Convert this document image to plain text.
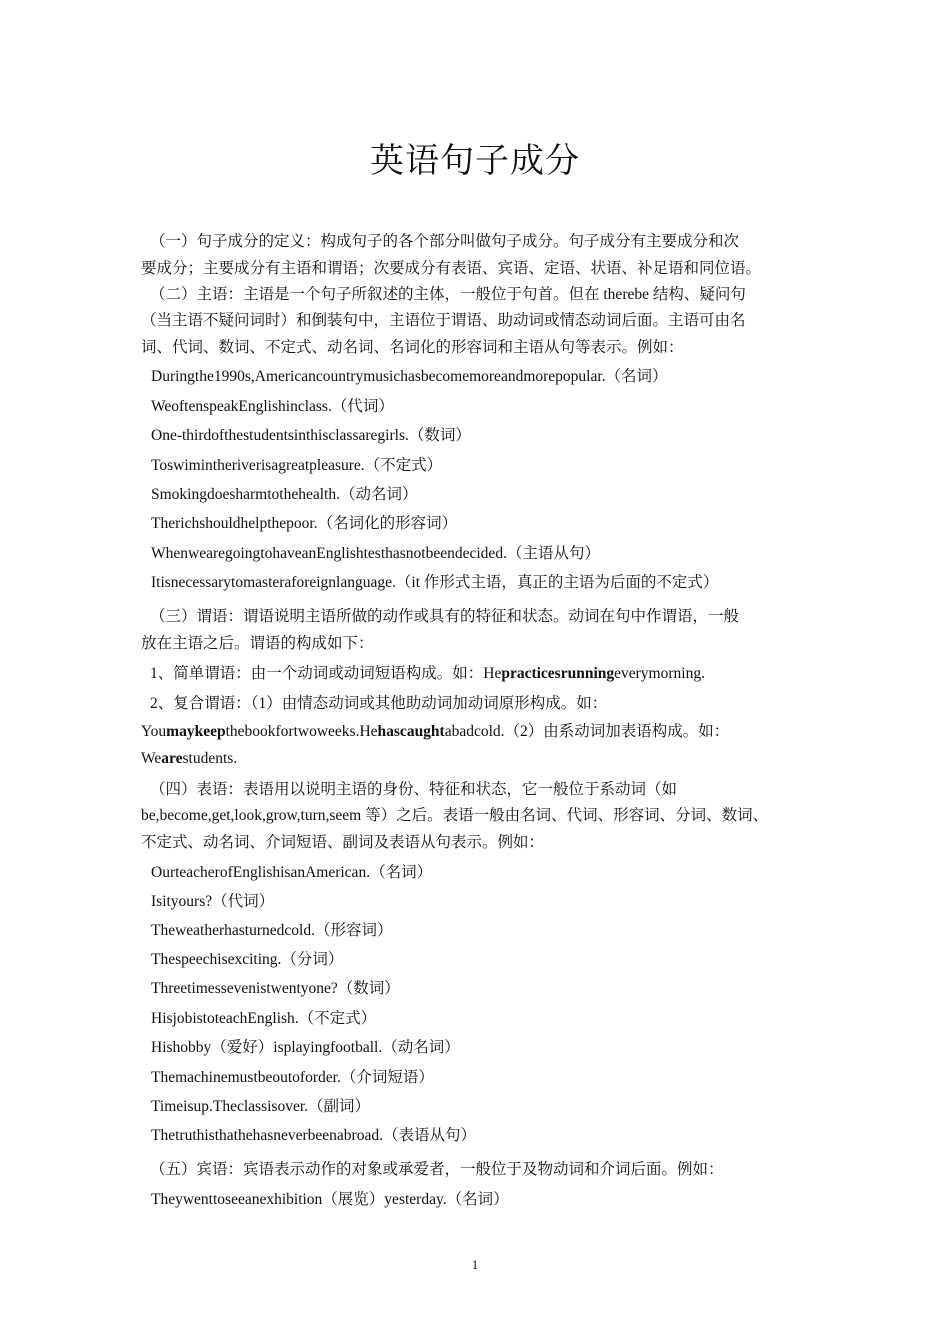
英语句子成分
（一）句子成分的定义：构成句子的各个部分叫做句子成分。句子成分有主要成分和次
要成分；主要成分有主语和谓语；次要成分有表语、宾语、定语、状语、补足语和同位语。
（二）主语：主语是一个句子所叙述的主体，一般位于句首。但在 therebe 结构、疑问句
（当主语不疑问词时）和倒装句中，主语位于谓语、助动词或情态动词后面。主语可由名
词、代词、数词、不定式、动名词、名词化的形容词和主语从句等表示。例如：
Duringthe1990s,Americancountrymusichasbecomemoreandmorepopular.（名词）
WeoftenspeakEnglishinclass.（代词）
One-thirdofthestudentsinthisclassaregirls.（数词）
Toswimintheriverisagreatpleasure.（不定式）
Smokingdoesharmtothehealth.（动名词）
Therichshouldhelpthepoor.（名词化的形容词）
WhenwearegoingtohaveanEnglishtesthasnotbeendecided.（主语从句）
Itisnecessarytomasteraforeignlanguage.（it 作形式主语，真正的主语为后面的不定式）
（三）谓语：谓语说明主语所做的动作或具有的特征和状态。动词在句中作谓语，一般
放在主语之后。谓语的构成如下：
1、简单谓语：由一个动词或动词短语构成。如：Hepracticesrunningeverymorning.
2、复合谓语：（1）由情态动词或其他助动词加动词原形构成。如：
Youmaykeepthebookfortwoweeks.Hehascaughtabadcold.（2）由系动词加表语构成。如：
Wearestudents.
（四）表语：表语用以说明主语的身份、特征和状态，它一般位于系动词（如
be,become,get,look,grow,turn,seem 等）之后。表语一般由名词、代词、形容词、分词、数词、
不定式、动名词、介词短语、副词及表语从句表示。例如：
OurteacherofEnglishisanAmerican.（名词）
Isityours?（代词）
Theweatherhasturnedcold.（形容词）
Thespeechisexciting.（分词）
Threetimessevenistwentyone?（数词）
HisjobistoteachEnglish.（不定式）
Hishobby（爱好）isplayingfootball.（动名词）
Themachinemustbeoutoforder.（介词短语）
Timeisup.Theclassisover.（副词）
Thetruthisthathehasneverbeenabroad.（表语从句）
（五）宾语：宾语表示动作的对象或承爱者，一般位于及物动词和介词后面。例如：
Theywenttoseeanexhibition（展览）yesterday.（名词）
1
